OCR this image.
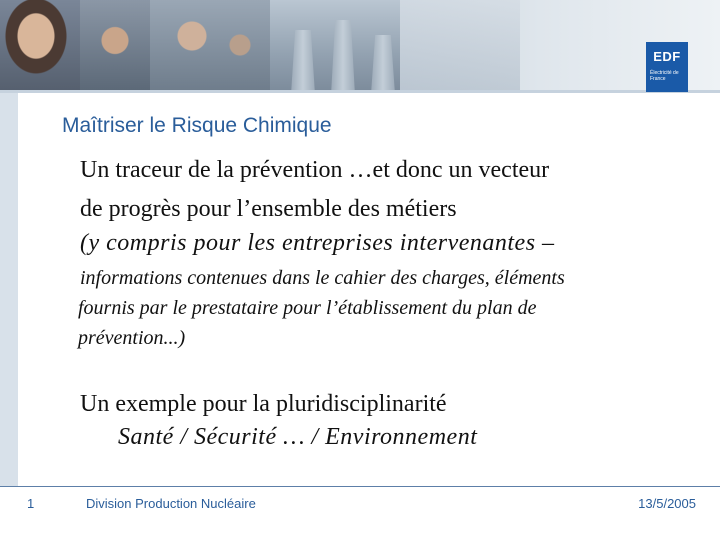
EDF
Électricité de France
Maîtriser le Risque Chimique
Un traceur de la prévention …et donc un vecteur
de progrès pour l’ensemble des métiers
(y compris pour les entreprises intervenantes –
informations contenues dans le cahier des charges, éléments
fournis par le prestataire pour l’établissement du plan de
prévention...)
Un exemple pour la pluridisciplinarité
Santé / Sécurité … / Environnement
1	Division Production Nucléaire	13/5/2005
